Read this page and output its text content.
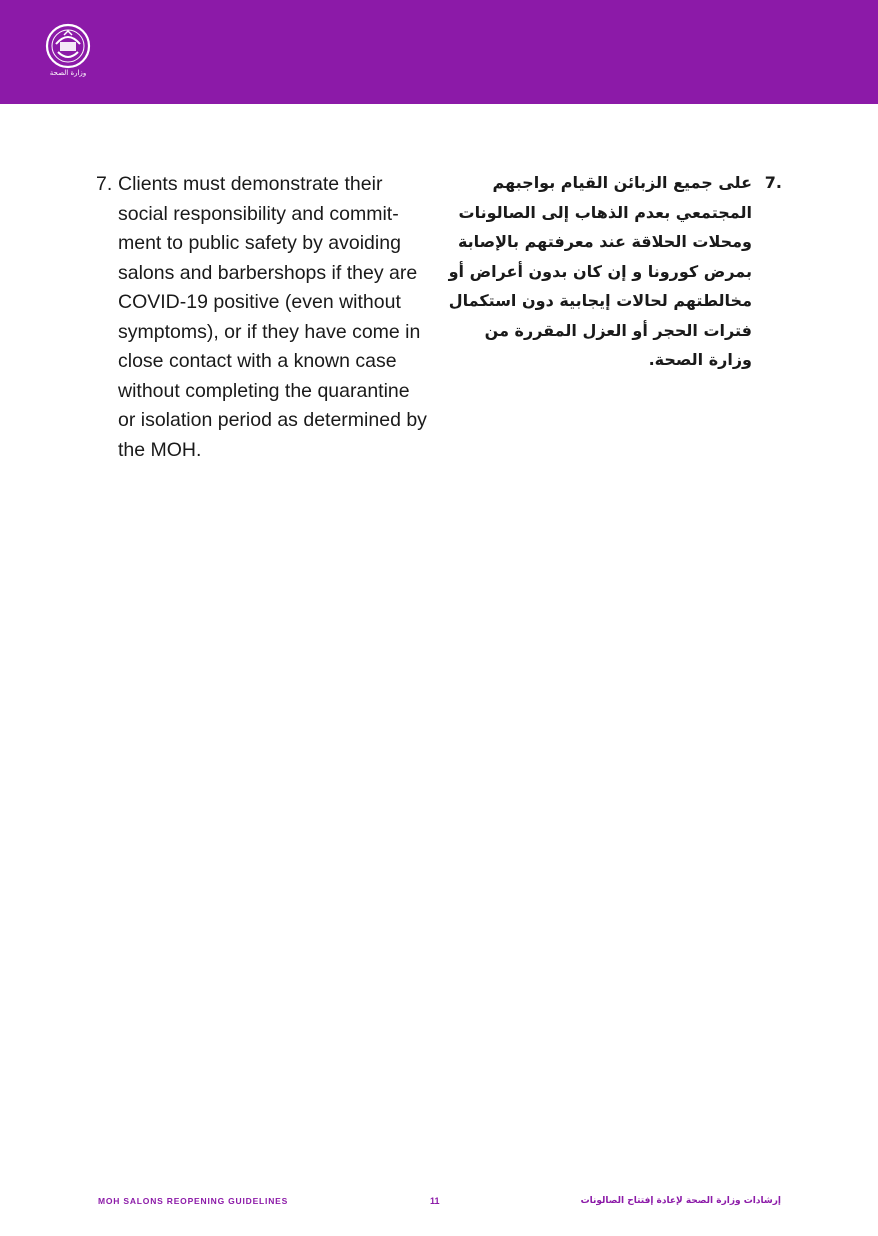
وزارة الصحة
7. Clients must demonstrate their social responsibility and commit-ment to public safety by avoiding salons and barbershops if they are COVID-19 positive (even without symptoms), or if they have come in close contact with a known case without completing the quarantine or isolation period as determined by the MOH.
7.
على جميع الزبائن القيام بواجبهم المجتمعي بعدم الذهاب إلى الصالونات ومحلات الحلاقة عند معرفتهم بالإصابة بمرض كورونا و إن كان بدون أعراض أو مخالطتهم لحالات إيجابية دون استكمال فترات الحجر أو العزل المقررة من وزارة الصحة.
MOH SALONS REOPENING GUIDELINES	11	إرشادات وزارة الصحة لإعادة إفتتاح الصالونات
